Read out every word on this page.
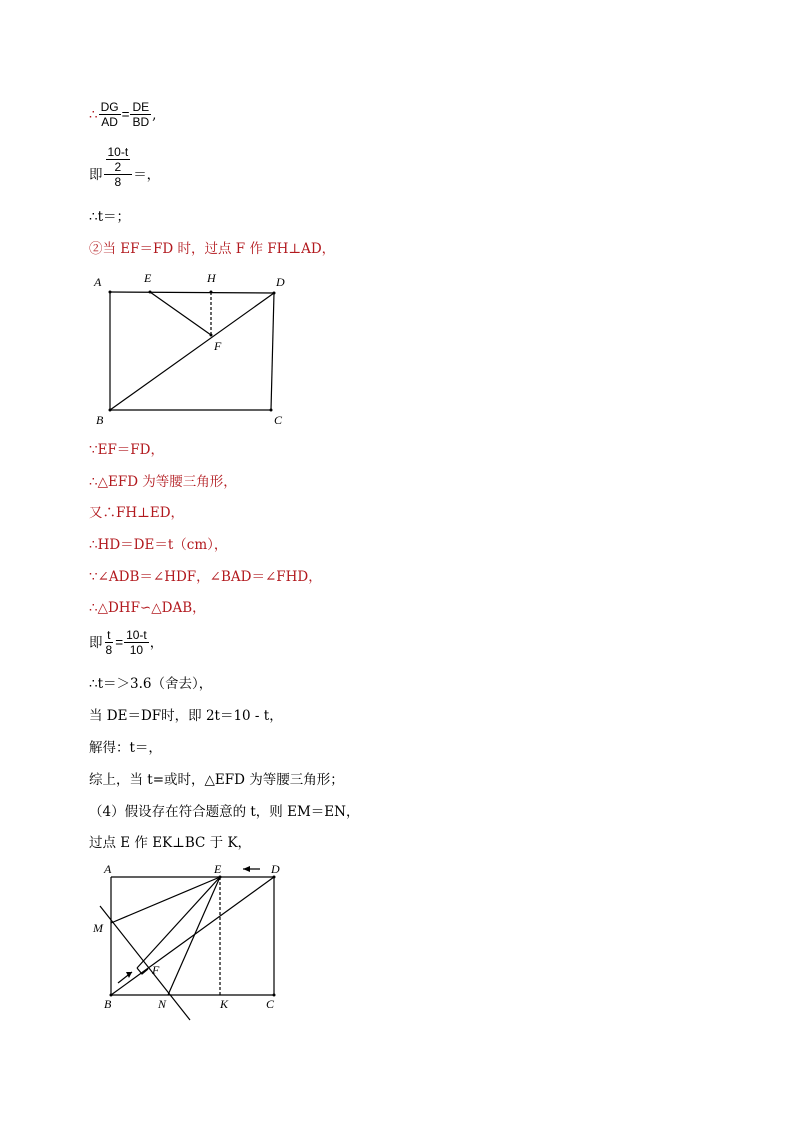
∴ $\frac{DG}{AD} = \frac{DE}{BD}$ ,
即 $\frac{\frac{10-t}{2}}{8}$ ＝，
∴t＝；
②当 EF＝FD 时，过点 F 作 FH⊥AD，
A	E	H	D
F
B	C
∵EF＝FD，
∴△EFD 为等腰三角形，
又∴FH⊥ED，
∴HD＝DE＝t（cm），
∵∠ADB＝∠HDF，∠BAD＝∠FHD，
∴△DHF∽△DAB，
即 $\frac{t}{8} = \frac{10-t}{10}$ ，
∴t＝＞3.6（舍去），
当 DE＝DF时，即 2t＝10 - t，
解得：t＝，
综上，当 t=或时，△EFD 为等腰三角形；
（4）假设存在符合题意的 t，则 EM＝EN，
过点 E 作 EK⊥BC 于 K，
A	E	D
M
F
B	N	K	C
